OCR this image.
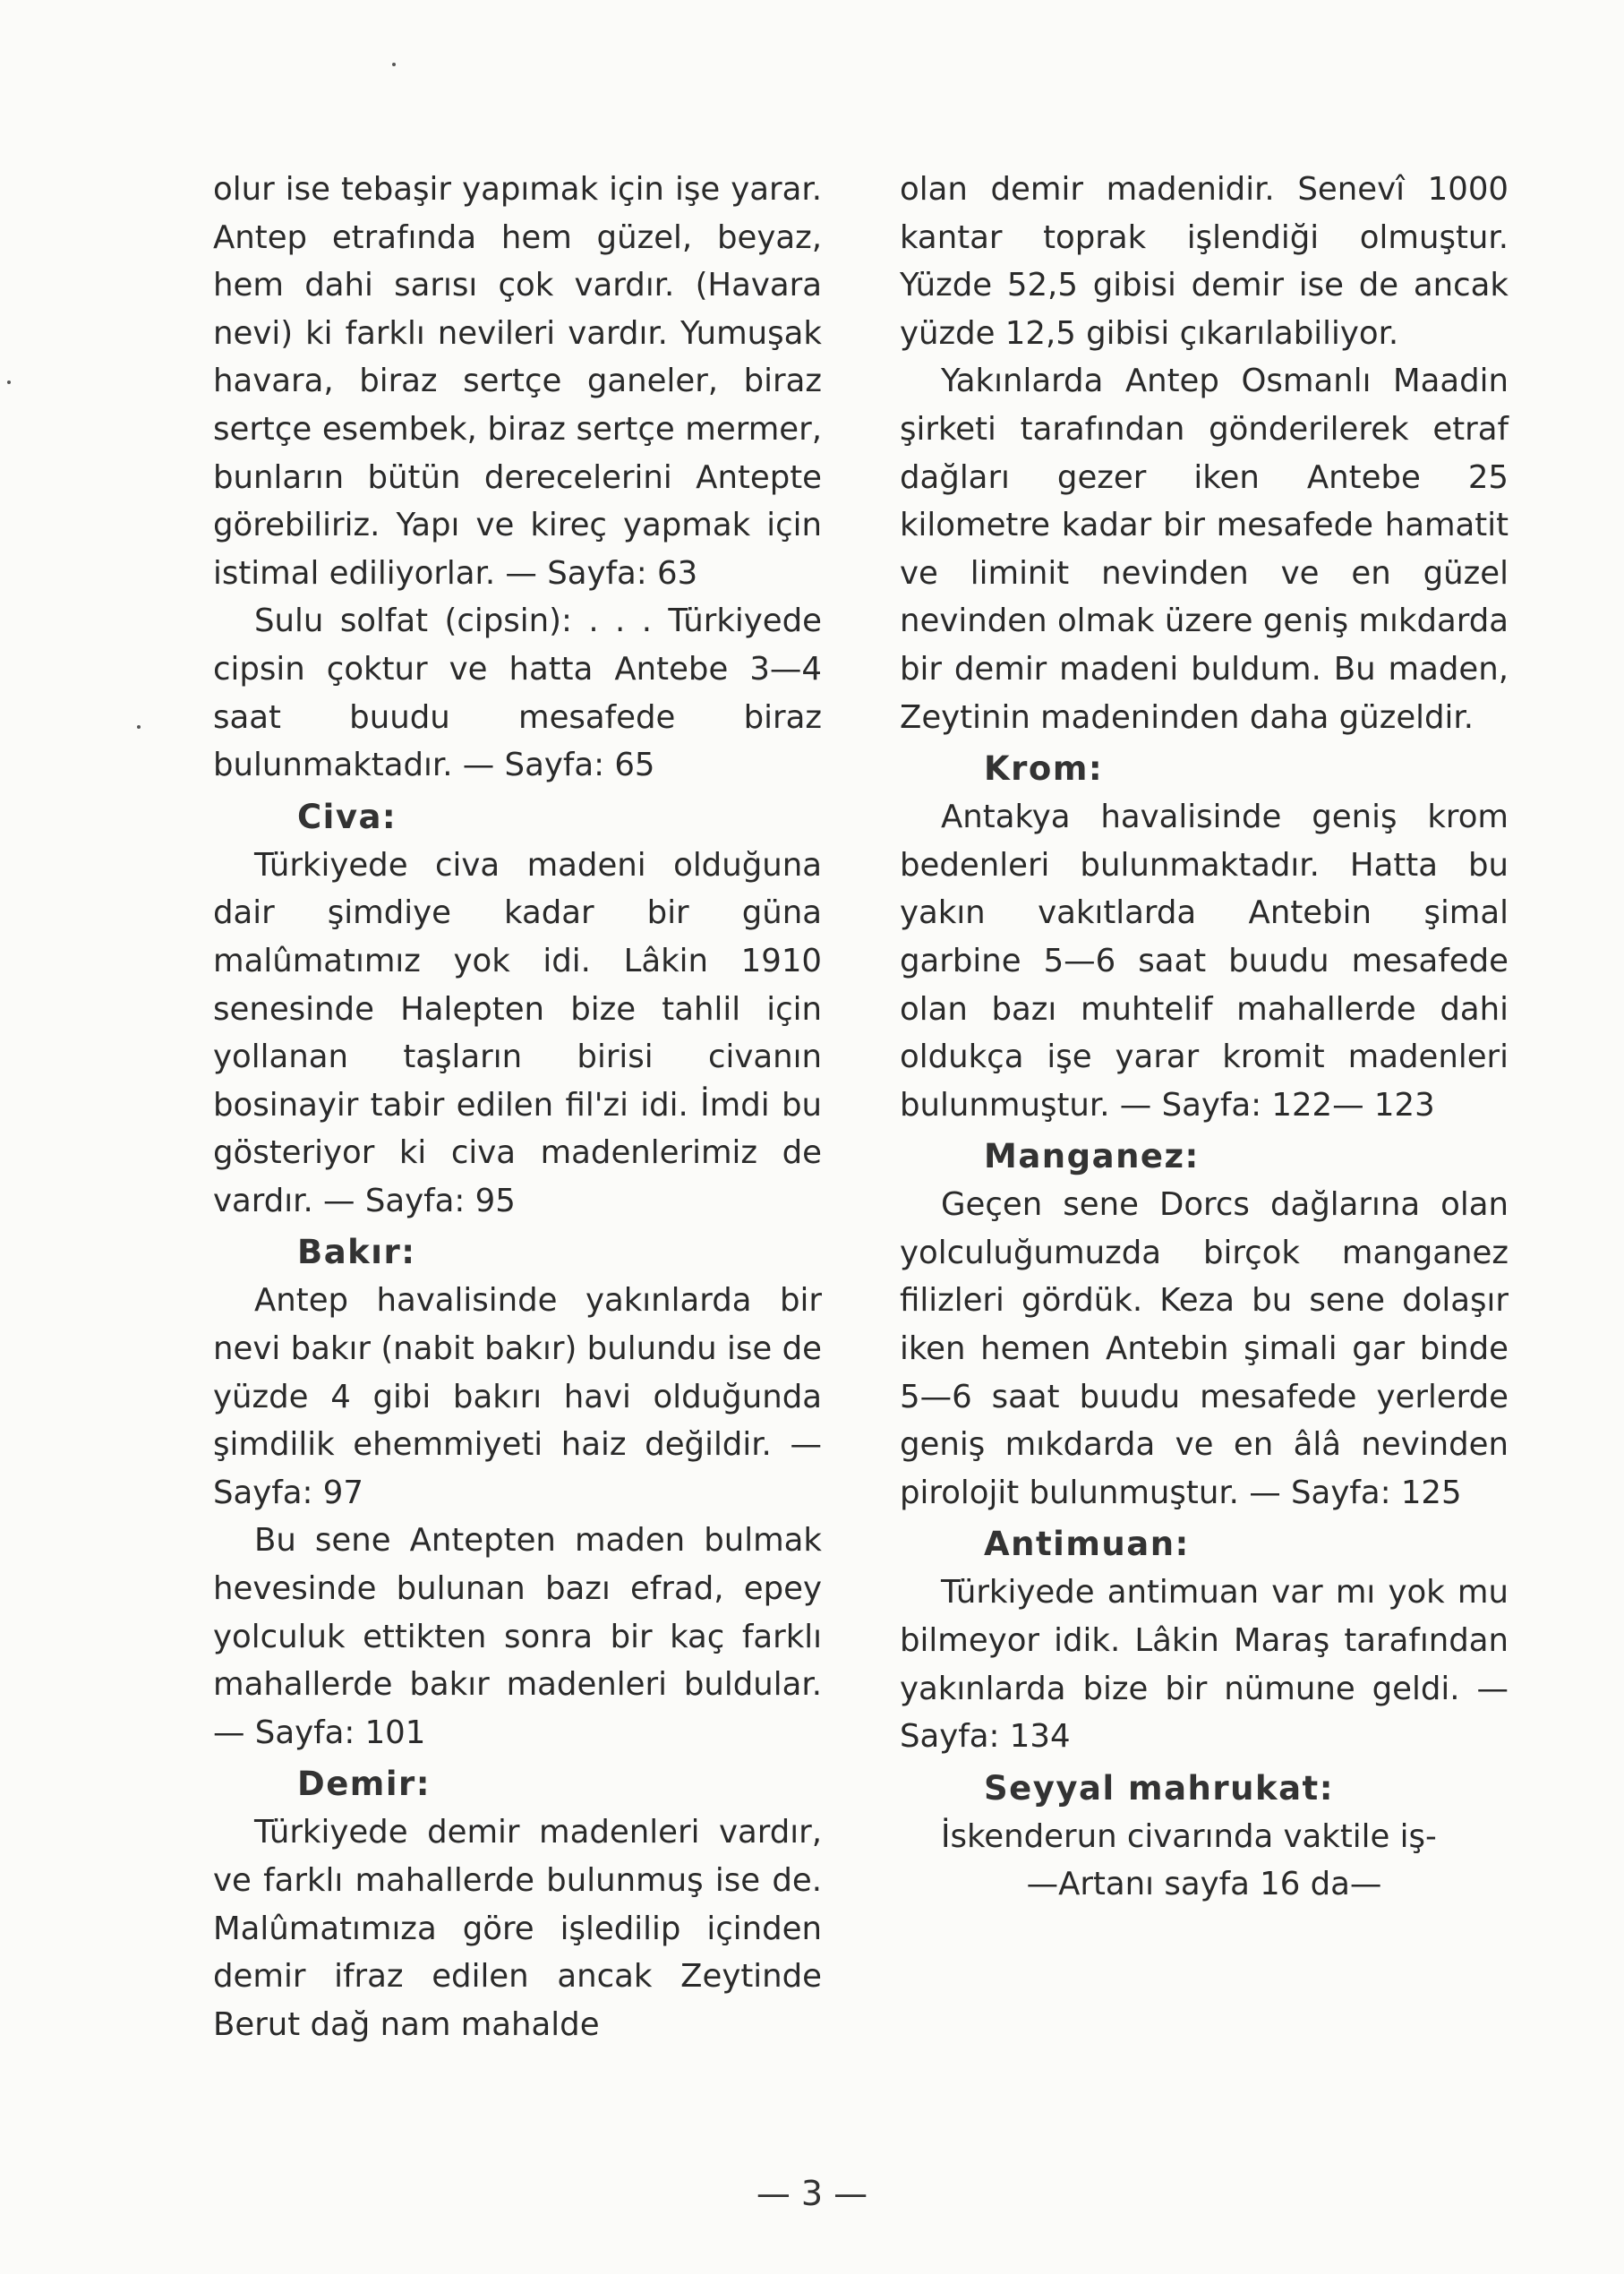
olur ise tebaşir yapımak için işe yarar. Antep etrafında hem güzel, beyaz, hem dahi sarısı çok vardır. (Havara nevi) ki farklı nevileri vardır. Yumuşak havara, biraz sertçe ganeler, biraz sertçe esembek, biraz sertçe mermer, bunların bütün derecelerini Antepte görebiliriz. Yapı ve kireç yapmak için istimal ediliyorlar. — Sayfa: 63

Sulu solfat (cipsin): . . . Türkiyede cipsin çoktur ve hatta Antebe 3—4 saat buudu mesafede biraz bulunmaktadır. — Sayfa: 65

Civa:

Türkiyede civa madeni olduğuna dair şimdiye kadar bir güna malûmatımız yok idi. Lâkin 1910 senesinde Halepten bize tahlil için yollanan taşların birisi civanın bosinayir tabir edilen fil'zi idi. İmdi bu gösteriyor ki civa madenlerimiz de vardır. — Sayfa: 95

Bakır:

Antep havalisinde yakınlarda bir nevi bakır (nabit bakır) bulundu ise de yüzde 4 gibi bakırı havi olduğunda şimdilik ehemmiyeti haiz değildir. — Sayfa: 97

Bu sene Antepten maden bulmak hevesinde bulunan bazı efrad, epey yolculuk ettikten sonra bir kaç farklı mahallerde bakır madenleri buldular. — Sayfa: 101

Demir:

Türkiyede demir madenleri vardır, ve farklı mahallerde bulunmuş ise de. Malûmatımıza göre işledilip içinden demir ifraz edilen ancak Zeytinde Berut dağ nam mahalde

olan demir madenidir. Senevî 1000 kantar toprak işlendiği olmuştur. Yüzde 52,5 gibisi demir ise de ancak yüzde 12,5 gibisi çıkarılabiliyor.

Yakınlarda Antep Osmanlı Maadin şirketi tarafından gönderilerek etraf dağları gezer iken Antebe 25 kilometre kadar bir mesafede hamatit ve liminit nevinden ve en güzel nevinden olmak üzere geniş mıkdarda bir demir madeni buldum. Bu maden, Zeytinin madeninden daha güzeldir.

Krom:

Antakya havalisinde geniş krom bedenleri bulunmaktadır. Hatta bu yakın vakıtlarda Antebin şimal garbine 5—6 saat buudu mesafede olan bazı muhtelif mahallerde dahi oldukça işe yarar kromit madenleri bulunmuştur. — Sayfa: 122— 123

Manganez:

Geçen sene Dorcs dağlarına olan yolculuğumuzda birçok manganez filizleri gördük. Keza bu sene dolaşır iken hemen Antebin şimali gar binde 5—6 saat buudu mesafede yerlerde geniş mıkdarda ve en âlâ nevinden pirolojit bulunmuştur. — Sayfa: 125

Antimuan:

Türkiyede antimuan var mı yok mu bilmeyor idik. Lâkin Maraş tarafından yakınlarda bize bir nümune geldi. — Sayfa: 134

Seyyal mahrukat:

İskenderun civarında vaktile iş-

—Artanı sayfa 16 da—

— 3 —
